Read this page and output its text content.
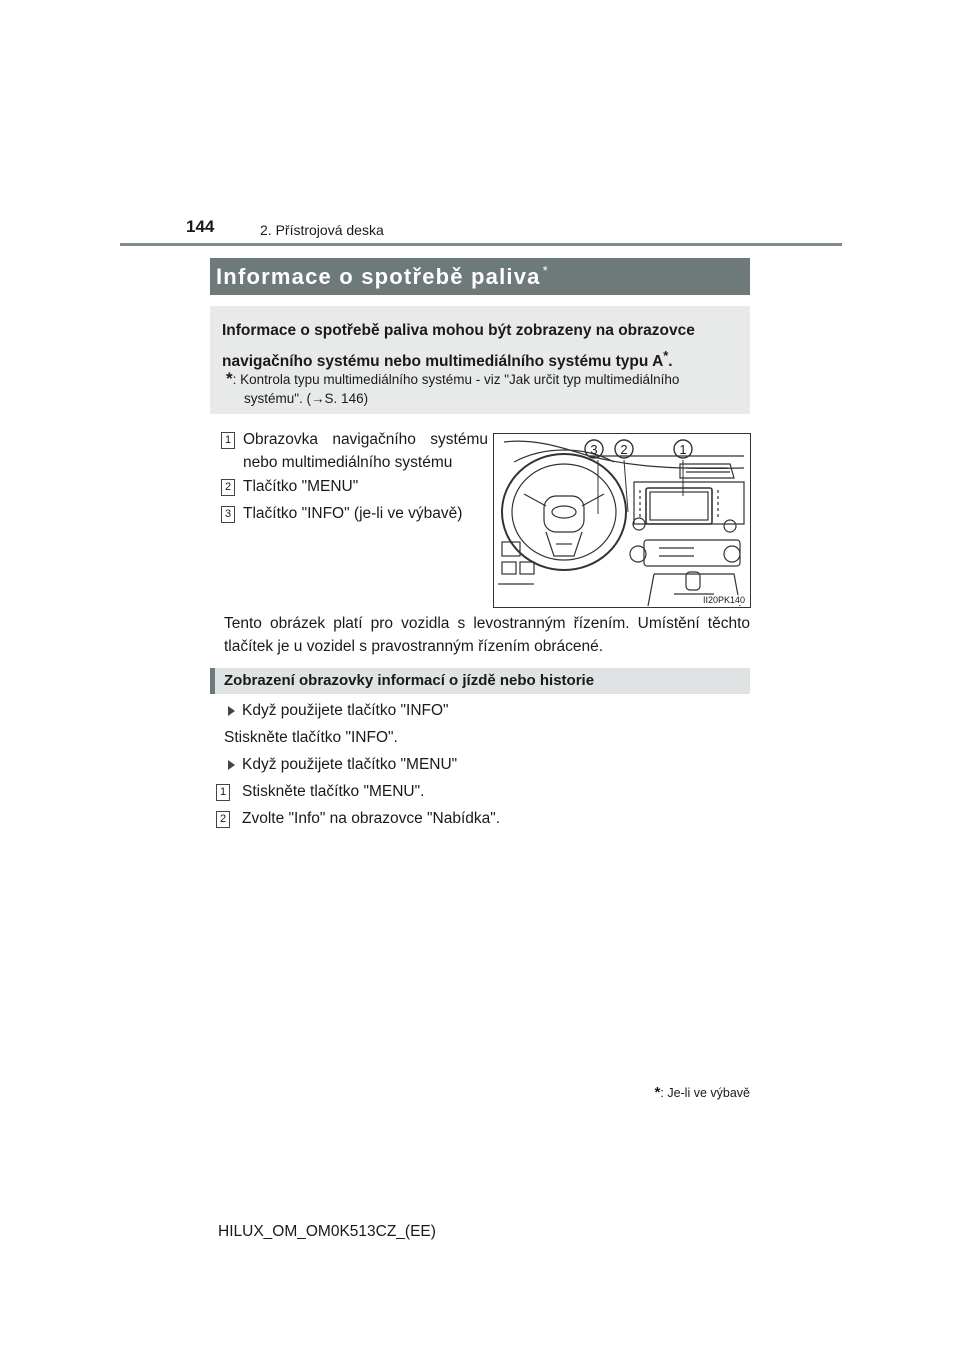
144	2. Přístrojová deska
Informace o spotřebě paliva *
Informace o spotřebě paliva mohou být zobrazeny na obrazovce navigačního systému nebo multimediálního systému typu A*.
*: Kontrola typu multimediálního systému - viz "Jak určit typ multimediálního
systému". (→S. 146)
1 Obrazovka navigačního systému
nebo multimediálního systému
2 Tlačítko "MENU"
3 Tlačítko "INFO" (je-li ve výbavě)
3 2	1
II20PK140
Tento obrázek platí pro vozidla s levostranným řízením. Umístění těchto tlačítek je u vozidel s pravostranným řízením obrácené.
Zobrazení obrazovky informací o jízdě nebo historie
Když použijete tlačítko "INFO"
Stiskněte tlačítko "INFO".
Když použijete tlačítko "MENU"
1 Stiskněte tlačítko "MENU".
2 Zvolte "Info" na obrazovce "Nabídka".
*: Je-li ve výbavě
HILUX_OM_OM0K513CZ_(EE)
